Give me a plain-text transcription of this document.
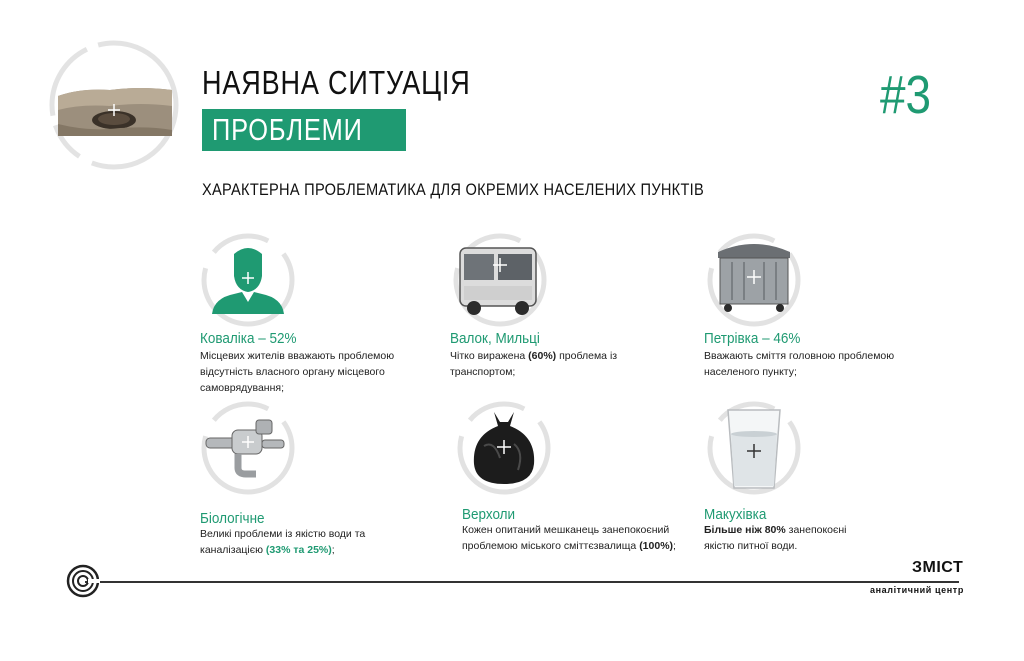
НАЯВНА СИТУАЦІЯ
ПРОБЛЕМИ
#3
ХАРАКТЕРНА ПРОБЛЕМАТИКА ДЛЯ ОКРЕМИХ НАСЕЛЕНИХ ПУНКТІВ
Коваліка – 52%
Місцевих жителів вважають проблемою відсутність власного органу місцевого самоврядування;
Валок, Мильці
Чітко виражена (60%) проблема із транспортом;
Петрівка – 46%
Вважають сміття головною проблемою населеного пункту;
Біологічне
Великі проблеми із якістю води та каналізацією (33% та 25%);
Верхоли
Кожен опитаний мешканець занепокоєний проблемою міського сміттєзвалища (100%);
Макухівка
Більше ніж 80% занепокоєні якістю питної води.
ЗМІСТ
аналітичний центр
